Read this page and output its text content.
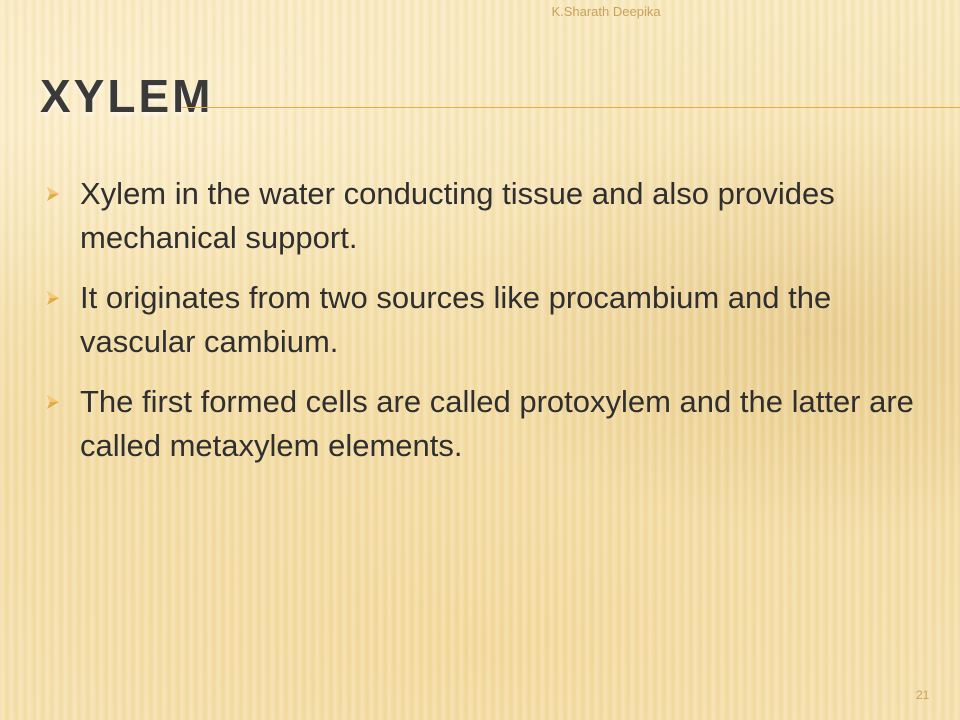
K.Sharath Deepika
XYLEM
Xylem in the water conducting tissue and also provides mechanical support.
It originates from two sources like procambium and the vascular cambium.
The first formed cells are called protoxylem and the latter are called metaxylem elements.
21
